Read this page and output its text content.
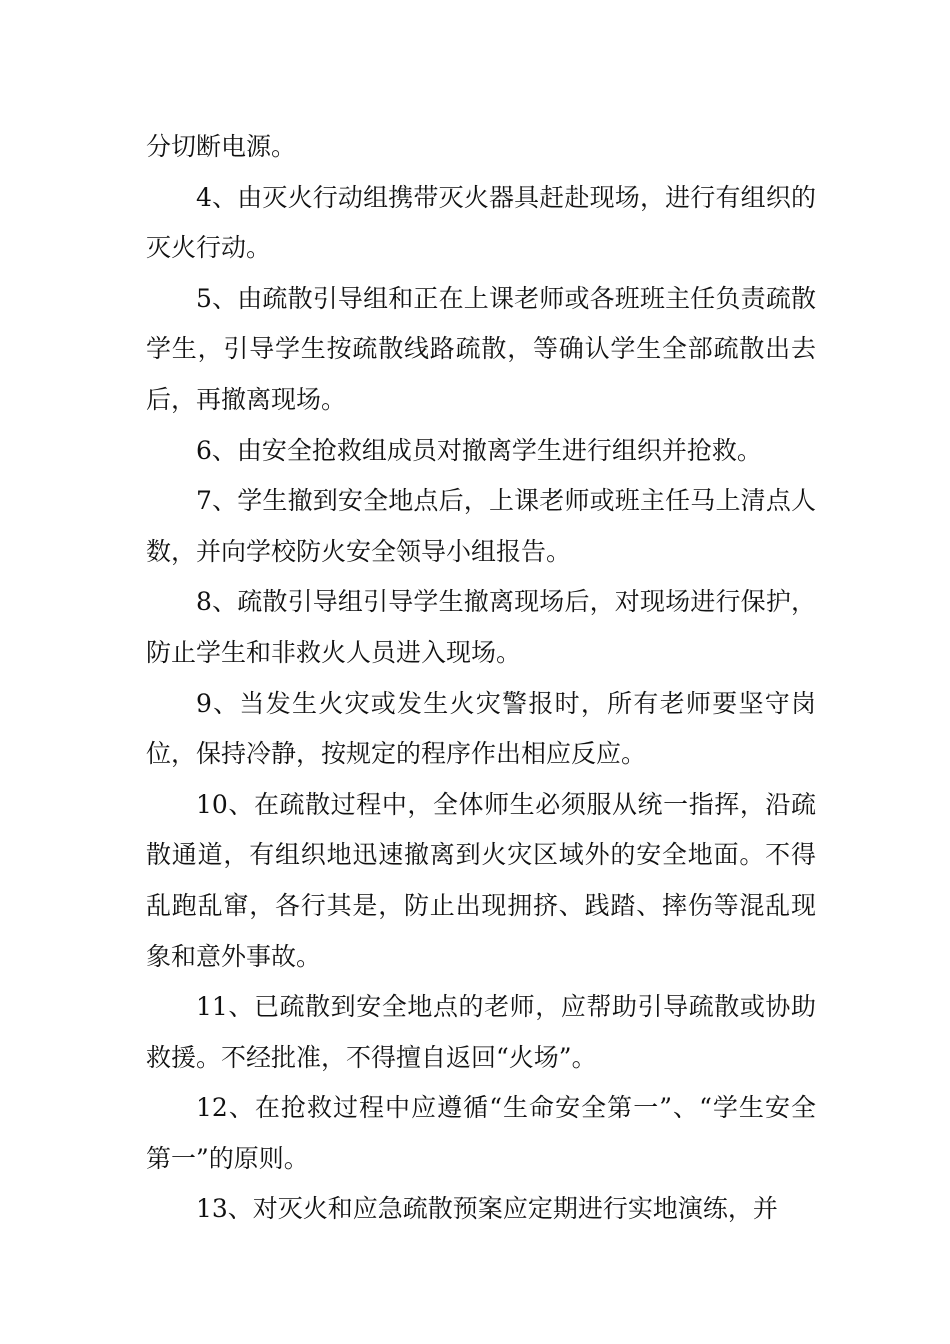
分切断电源。

4、由灭火行动组携带灭火器具赶赴现场，进行有组织的灭火行动。

5、由疏散引导组和正在上课老师或各班班主任负责疏散学生，引导学生按疏散线路疏散，等确认学生全部疏散出去后，再撤离现场。

6、由安全抢救组成员对撤离学生进行组织并抢救。

7、学生撤到安全地点后，上课老师或班主任马上清点人数，并向学校防火安全领导小组报告。

8、疏散引导组引导学生撤离现场后，对现场进行保护，防止学生和非救火人员进入现场。

9、当发生火灾或发生火灾警报时，所有老师要坚守岗位，保持冷静，按规定的程序作出相应反应。

10、在疏散过程中，全体师生必须服从统一指挥，沿疏散通道，有组织地迅速撤离到火灾区域外的安全地面。不得乱跑乱窜，各行其是，防止出现拥挤、践踏、摔伤等混乱现象和意外事故。

11、已疏散到安全地点的老师，应帮助引导疏散或协助救援。不经批准，不得擅自返回“火场”。

12、在抢救过程中应遵循“生命安全第一”、“学生安全第一”的原则。

13、对灭火和应急疏散预案应定期进行实地演练，并
